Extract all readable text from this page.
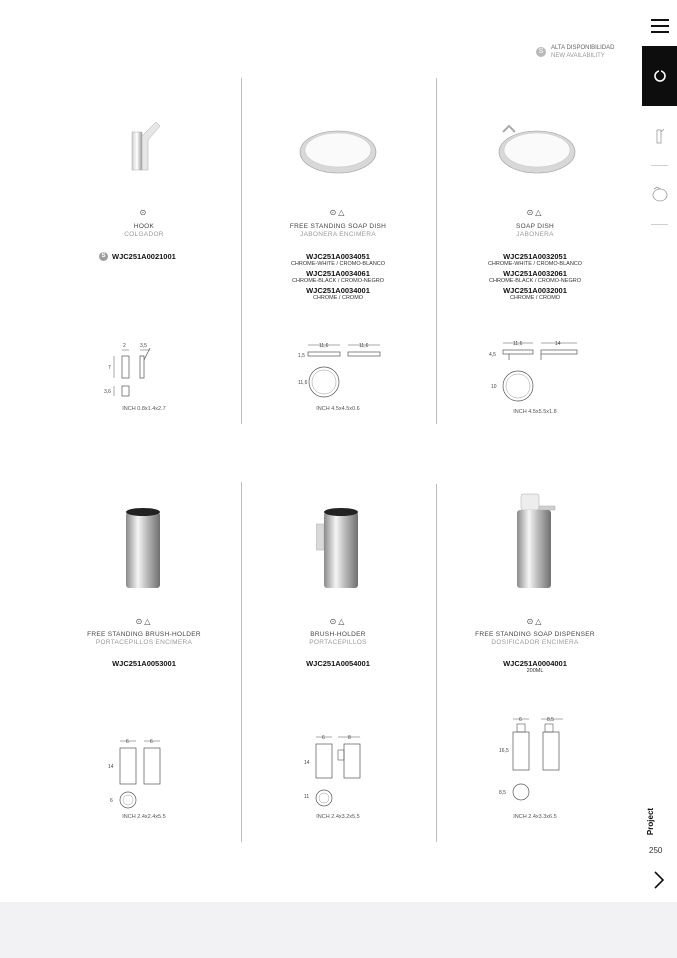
S	ALTA DISPONIBILIDAD
NEW AVAILABILITY
⊙
HOOK
COLGADOR
S WJC251A0021001
2	3,5
7
3,6
INCH 0.8x1.4x2.7
⊙△
FREE STANDING SOAP DISH
JABONERA ENCIMERA
WJC251A0034051
CHROME-WHITE / CROMO-BLANCO
WJC251A0034061
CHROME-BLACK / CROMO-NEGRO
WJC251A0034001
CHROME / CROMO
11,6	11,6
1,5
11,6
INCH 4.5x4.5x0.6
⊙△
SOAP DISH
JABONERA
WJC251A0032051
CHROME-WHITE / CROMO-BLANCO
WJC251A0032061
CHROME-BLACK / CROMO-NEGRO
WJC251A0032001
CHROME / CROMO
11,6	14
4,5
10
INCH 4.5x5.5x1.8
⊙△
FREE STANDING BRUSH-HOLDER
PORTACEPILLOS ENCIMERA
WJC251A0053001
6	6
14
6
INCH 2.4x2.4x5.5
⊙△
BRUSH-HOLDER
PORTACEPILLOS
WJC251A0054001
6	8
14
11
INCH 2.4x3.2x5.5
⊙△
FREE STANDING SOAP DISPENSER
DOSIFICADOR ENCIMERA
WJC251A0004001
200ML
6	8,5
16,5
8,5
INCH 2.4x3.3x6.5	Project
250
